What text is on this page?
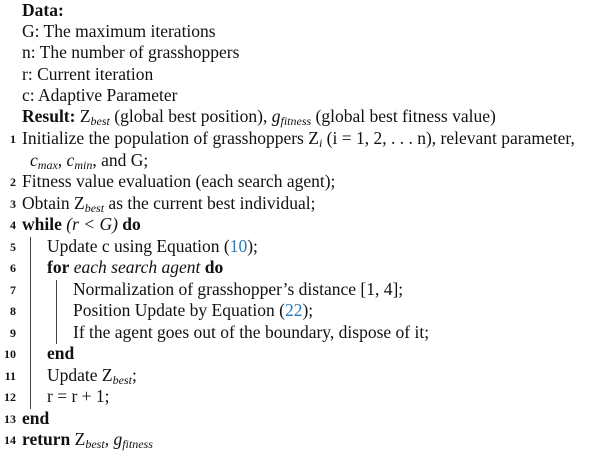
Data:
G: The maximum iterations
n: The number of grasshoppers
r: Current iteration
c: Adaptive Parameter
Result: $Z_{best}$ (global best position), $g_{fitness}$ (global best fitness value)
1 Initialize the population of grasshoppers $Z_i$ (i = 1, 2, . . . n), relevant parameter,
$c_{max}$, $c_{min}$, and G;
2 Fitness value evaluation (each search agent);
3 Obtain $Z_{best}$ as the current best individual;
4 while (r < G) do
5 Update c using Equation (10);
6 for each search agent do
7	Normalization of grasshopper’s distance [1, 4];
8	Position Update by Equation (22);
9	If the agent goes out of the boundary, dispose of it;
10 end
11 Update $Z_{best}$;
12 r = r + 1;
13 end
14 return $Z_{best}$, $g_{fitness}$
